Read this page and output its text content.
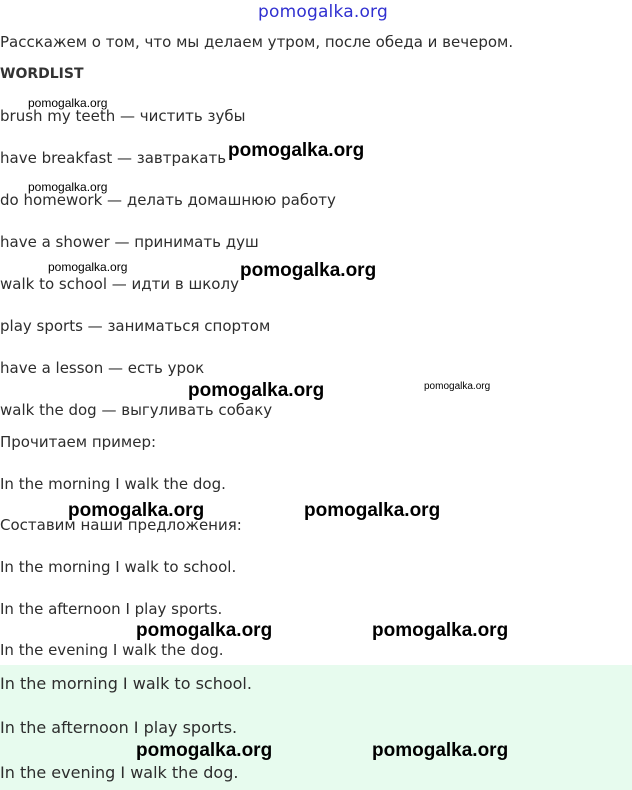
pomogalka.org
Расскажем о том, что мы делаем утром, после обеда и вечером.
WORDLIST
brush my teeth — чистить зубы
have breakfast — завтракать
do homework — делать домашнюю работу
have a shower — принимать душ
walk to school — идти в школу
play sports — заниматься спортом
have a lesson — есть урок
walk the dog — выгуливать собаку
Прочитаем пример:
In the morning I walk the dog.
Составим наши предложения:
In the morning I walk to school.
In the afternoon I play sports.
In the evening I walk the dog.
In the morning I walk to school.
In the afternoon I play sports.
In the evening I walk the dog.
pomogalka.org
pomogalka.org
pomogalka.org
pomogalka.org	pomogalka.org
pomogalka.org	pomogalka.org
pomogalka.org	pomogalka.org
pomogalka.org	pomogalka.org
pomogalka.org	pomogalka.org
